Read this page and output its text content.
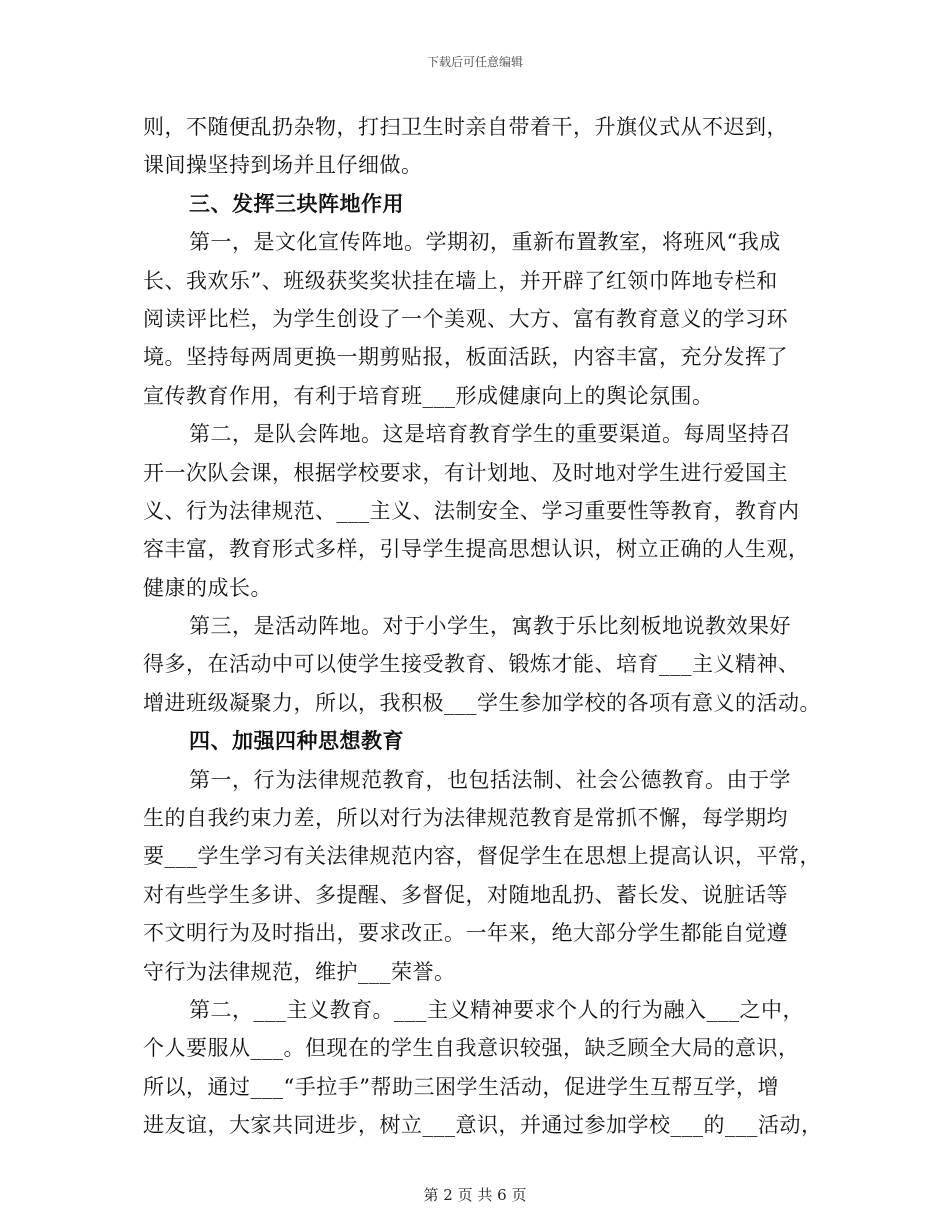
下载后可任意编辑
则，不随便乱扔杂物，打扫卫生时亲自带着干，升旗仪式从不迟到，
课间操坚持到场并且仔细做。
三、发挥三块阵地作用
第一，是文化宣传阵地。学期初，重新布置教室，将班风“我成
长、我欢乐”、班级获奖奖状挂在墙上，并开辟了红领巾阵地专栏和
阅读评比栏，为学生创设了一个美观、大方、富有教育意义的学习环
境。坚持每两周更换一期剪贴报，板面活跃，内容丰富，充分发挥了
宣传教育作用，有利于培育班___形成健康向上的舆论氛围。
第二，是队会阵地。这是培育教育学生的重要渠道。每周坚持召
开一次队会课，根据学校要求，有计划地、及时地对学生进行爱国主
义、行为法律规范、___主义、法制安全、学习重要性等教育，教育内
容丰富，教育形式多样，引导学生提高思想认识，树立正确的人生观，
健康的成长。
第三，是活动阵地。对于小学生，寓教于乐比刻板地说教效果好
得多，在活动中可以使学生接受教育、锻炼才能、培育___主义精神、
增进班级凝聚力，所以，我积极___学生参加学校的各项有意义的活动。
四、加强四种思想教育
第一，行为法律规范教育，也包括法制、社会公德教育。由于学
生的自我约束力差，所以对行为法律规范教育是常抓不懈，每学期均
要___学生学习有关法律规范内容，督促学生在思想上提高认识，平常，
对有些学生多讲、多提醒、多督促，对随地乱扔、蓄长发、说脏话等
不文明行为及时指出，要求改正。一年来，绝大部分学生都能自觉遵
守行为法律规范，维护___荣誉。
第二，___主义教育。___主义精神要求个人的行为融入___之中，
个人要服从___。但现在的学生自我意识较强，缺乏顾全大局的意识，
所以，通过___“手拉手”帮助三困学生活动，促进学生互帮互学，增
进友谊，大家共同进步，树立___意识，并通过参加学校___的___活动，
第 2 页 共 6 页
